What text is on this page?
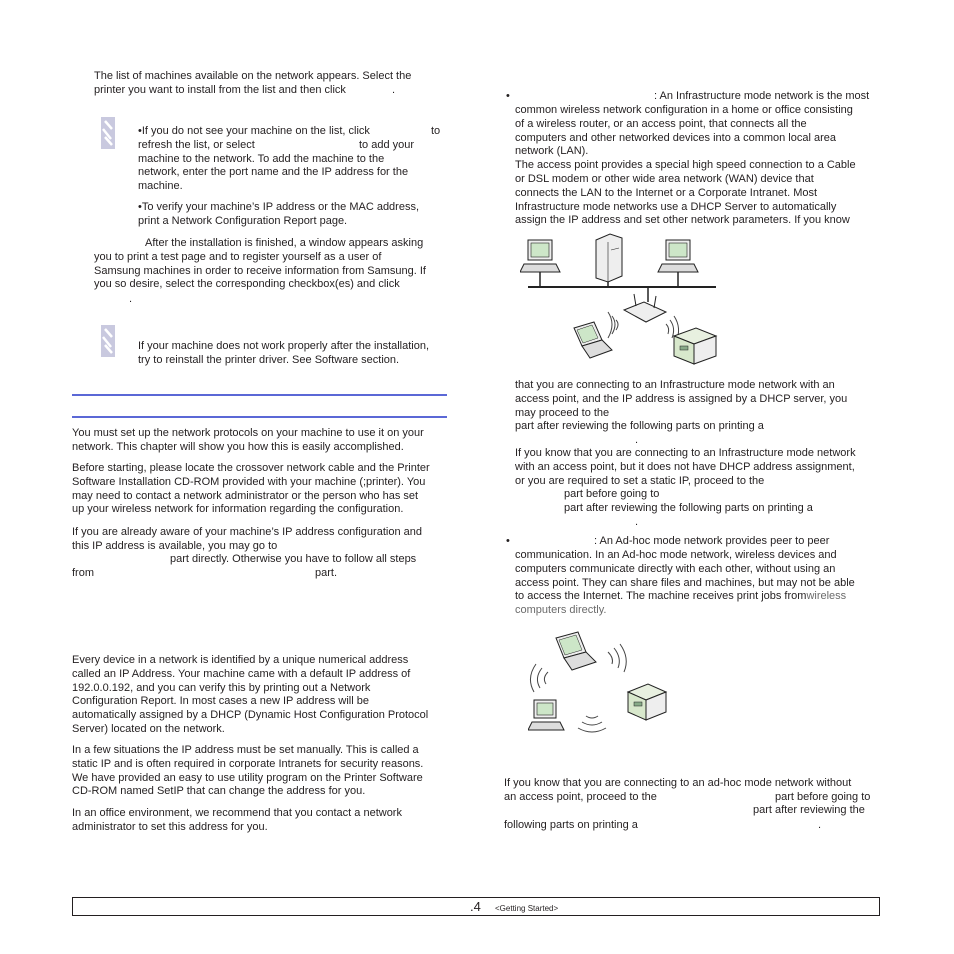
The list of machines available on the network appears. Select the
printer you want to install from the list and then click	.
•If you do not see your machine on the list, click
refresh the list, or select
machine to the network. To add the machine to the
network, enter the port name and the IP address for the
machine.
to
to add your
•To verify your machine’s IP address or the MAC address,
print a Network Configuration Report page.
After the installation is finished, a window appears asking
you to print a test page and to register yourself as a user of
Samsung machines in order to receive information from Samsung. If
you so desire, select the corresponding checkbox(es) and click
.
If your machine does not work properly after the installation,
try to reinstall the printer driver. See Software section.
You must set up the network protocols on your machine to use it on your
network. This chapter will show you how this is easily accomplished.
Before starting, please locate the crossover network cable and the Printer
Software Installation CD-ROM provided with your machine (;printer). You
may need to contact a network administrator or the person who has set
up your wireless network for information regarding the configuration.
If you are already aware of your machine’s IP address configuration and
this IP address is available, you may go to
part directly. Otherwise you have to follow all steps
from	part.
Every device in a network is identified by a unique numerical address
called an IP Address. Your machine came with a default IP address of
192.0.0.192, and you can verify this by printing out a Network
Configuration Report. In most cases a new IP address will be
automatically assigned by a DHCP (Dynamic Host Configuration Protocol
Server) located on the network.
In a few situations the IP address must be set manually. This is called a
static IP and is often required in corporate Intranets for security reasons.
We have provided an easy to use utility program on the Printer Software
CD-ROM named SetIP that can change the address for you.
In an office environment, we recommend that you contact a network
administrator to set this address for you.
•	: An Infrastructure mode network is the most
common wireless network configuration in a home or office consisting
of a wireless router, or an access point, that connects all the
computers and other networked devices into a common local area
network (LAN).
The access point provides a special high speed connection to a Cable
or DSL modem or other wide area network (WAN) device that
connects the LAN to the Internet or a Corporate Intranet. Most
Infrastructure mode networks use a DHCP Server to automatically
assign the IP address and set other network parameters. If you know
that you are connecting to an Infrastructure mode network with an
access point, and the IP address is assigned by a DHCP server, you
may proceed to the
part after reviewing the following parts on printing a
.
If you know that you are connecting to an Infrastructure mode network
with an access point, but it does not have DHCP address assignment,
or you are required to set a static IP, proceed to the
part before going to
part after reviewing the following parts on printing a
.
•	: An Ad-hoc mode network provides peer to peer
communication. In an Ad-hoc mode network, wireless devices and
computers communicate directly with each other, without using an
access point. They can share files and machines, but may not be able
to access the Internet. The machine receives print jobs fromwireless
computers directly.
If you know that you are connecting to an ad-hoc mode network without
an access point, proceed to the	part before going to
part after reviewing the
following parts on printing a	.
.4 <Getting Started>
